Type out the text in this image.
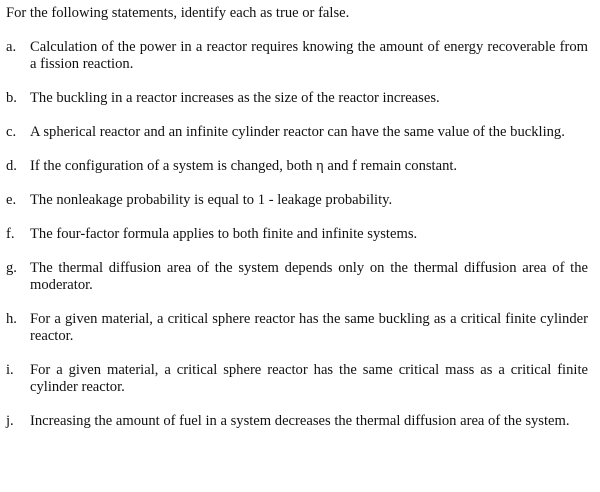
For the following statements, identify each as true or false.
a. Calculation of the power in a reactor requires knowing the amount of energy recoverable from a fission reaction.
b. The buckling in a reactor increases as the size of the reactor increases.
c. A spherical reactor and an infinite cylinder reactor can have the same value of the buckling.
d. If the configuration of a system is changed, both η and f remain constant.
e. The nonleakage probability is equal to 1 - leakage probability.
f.	The four-factor formula applies to both finite and infinite systems.
g. The thermal diffusion area of the system depends only on the thermal diffusion area of the moderator.
h. For a given material, a critical sphere reactor has the same buckling as a critical finite cylinder reactor.
i.	For a given material, a critical sphere reactor has the same critical mass as a critical finite cylinder reactor.
j.	Increasing the amount of fuel in a system decreases the thermal diffusion area of the system.
